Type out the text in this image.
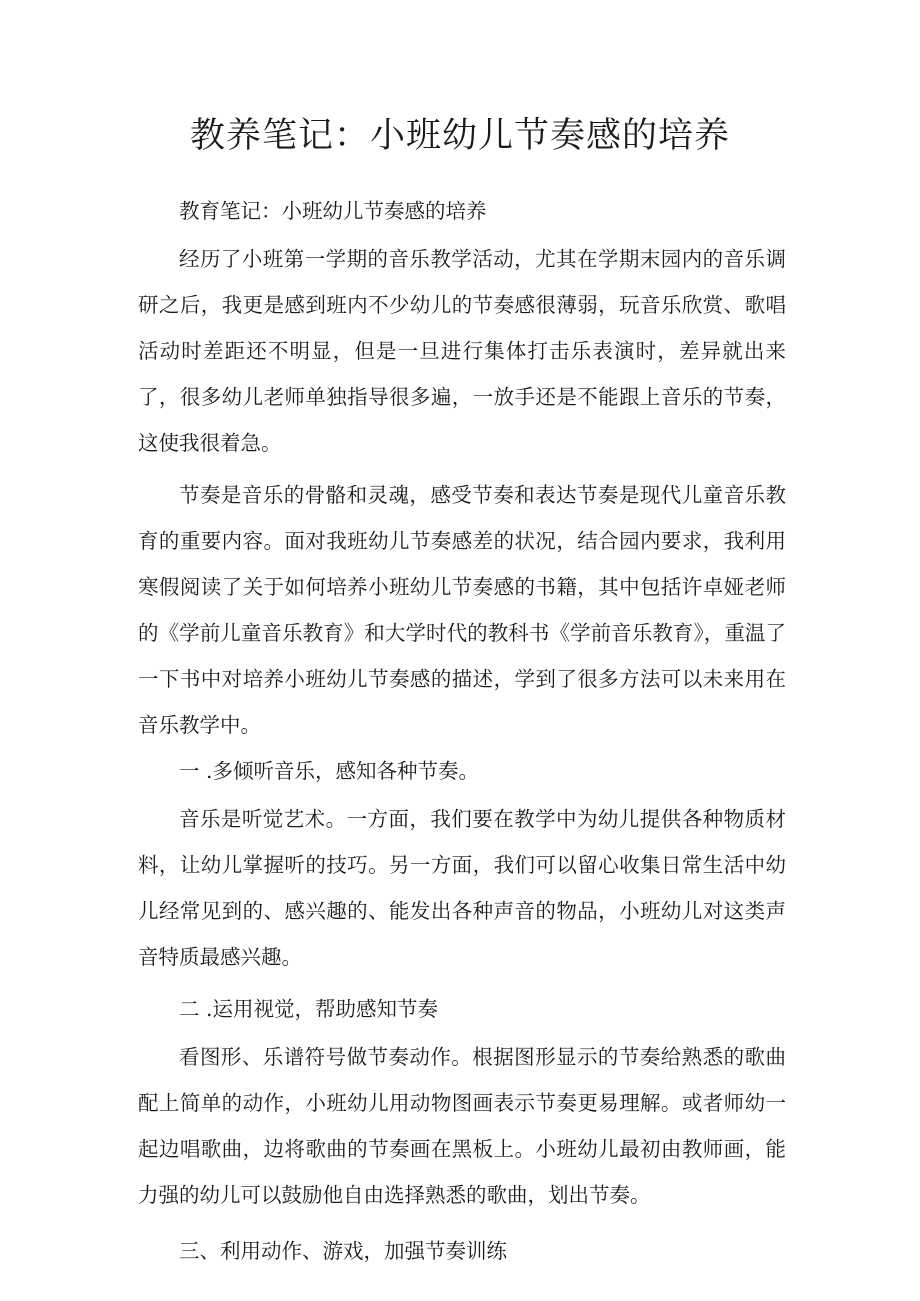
教养笔记：小班幼儿节奏感的培养

教育笔记：小班幼儿节奏感的培养

经历了小班第一学期的音乐教学活动，尤其在学期末园内的音乐调研之后，我更是感到班内不少幼儿的节奏感很薄弱，玩音乐欣赏、歌唱活动时差距还不明显，但是一旦进行集体打击乐表演时，差异就出来了，很多幼儿老师单独指导很多遍，一放手还是不能跟上音乐的节奏，这使我很着急。

节奏是音乐的骨骼和灵魂，感受节奏和表达节奏是现代儿童音乐教育的重要内容。面对我班幼儿节奏感差的状况，结合园内要求，我利用寒假阅读了关于如何培养小班幼儿节奏感的书籍，其中包括许卓娅老师的《学前儿童音乐教育》和大学时代的教科书《学前音乐教育》，重温了一下书中对培养小班幼儿节奏感的描述，学到了很多方法可以未来用在音乐教学中。

一 .多倾听音乐，感知各种节奏。

音乐是听觉艺术。一方面，我们要在教学中为幼儿提供各种物质材料，让幼儿掌握听的技巧。另一方面，我们可以留心收集日常生活中幼儿经常见到的、感兴趣的、能发出各种声音的物品，小班幼儿对这类声音特质最感兴趣。

二 .运用视觉，帮助感知节奏

看图形、乐谱符号做节奏动作。根据图形显示的节奏给熟悉的歌曲配上简单的动作，小班幼儿用动物图画表示节奏更易理解。或者师幼一起边唱歌曲，边将歌曲的节奏画在黑板上。小班幼儿最初由教师画，能力强的幼儿可以鼓励他自由选择熟悉的歌曲，划出节奏。

三、利用动作、游戏，加强节奏训练
